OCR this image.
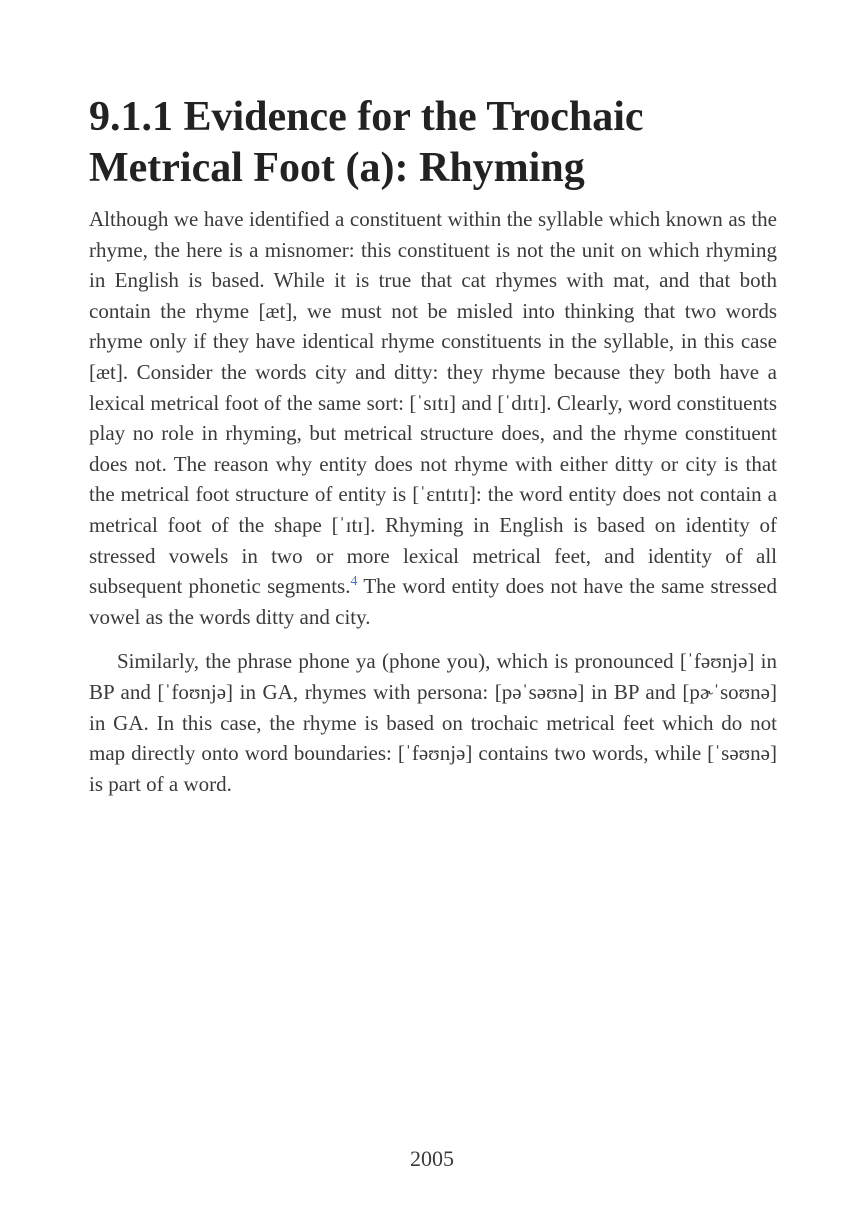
9.1.1 Evidence for the Trochaic Metrical Foot (a): Rhyming

Although we have identified a constituent within the syllable which known as the rhyme, the here is a misnomer: this constituent is not the unit on which rhyming in English is based. While it is true that cat rhymes with mat, and that both contain the rhyme [æt], we must not be misled into thinking that two words rhyme only if they have identical rhyme constituents in the syllable, in this case [æt]. Consider the words city and ditty: they rhyme because they both have a lexical metrical foot of the same sort: [ˈsɪtɪ] and [ˈdɪtɪ]. Clearly, word constituents play no role in rhyming, but metrical structure does, and the rhyme constituent does not. The reason why entity does not rhyme with either ditty or city is that the metrical foot structure of entity is [ˈɛntɪtɪ]: the word entity does not contain a metrical foot of the shape [ˈɪtɪ]. Rhyming in English is based on identity of stressed vowels in two or more lexical metrical feet, and identity of all subsequent phonetic segments.$^4$ The word entity does not have the same stressed vowel as the words ditty and city.

Similarly, the phrase phone ya (phone you), which is pronounced [ˈfəʊnjə] in BP and [ˈfoʊnjə] in GA, rhymes with persona: [pəˈsəʊnə] in BP and [pɚˈsoʊnə] in GA. In this case, the rhyme is based on trochaic metrical feet which do not map directly onto word boundaries: [ˈfəʊnjə] contains two words, while [ˈsəʊnə] is part of a word.

2005
